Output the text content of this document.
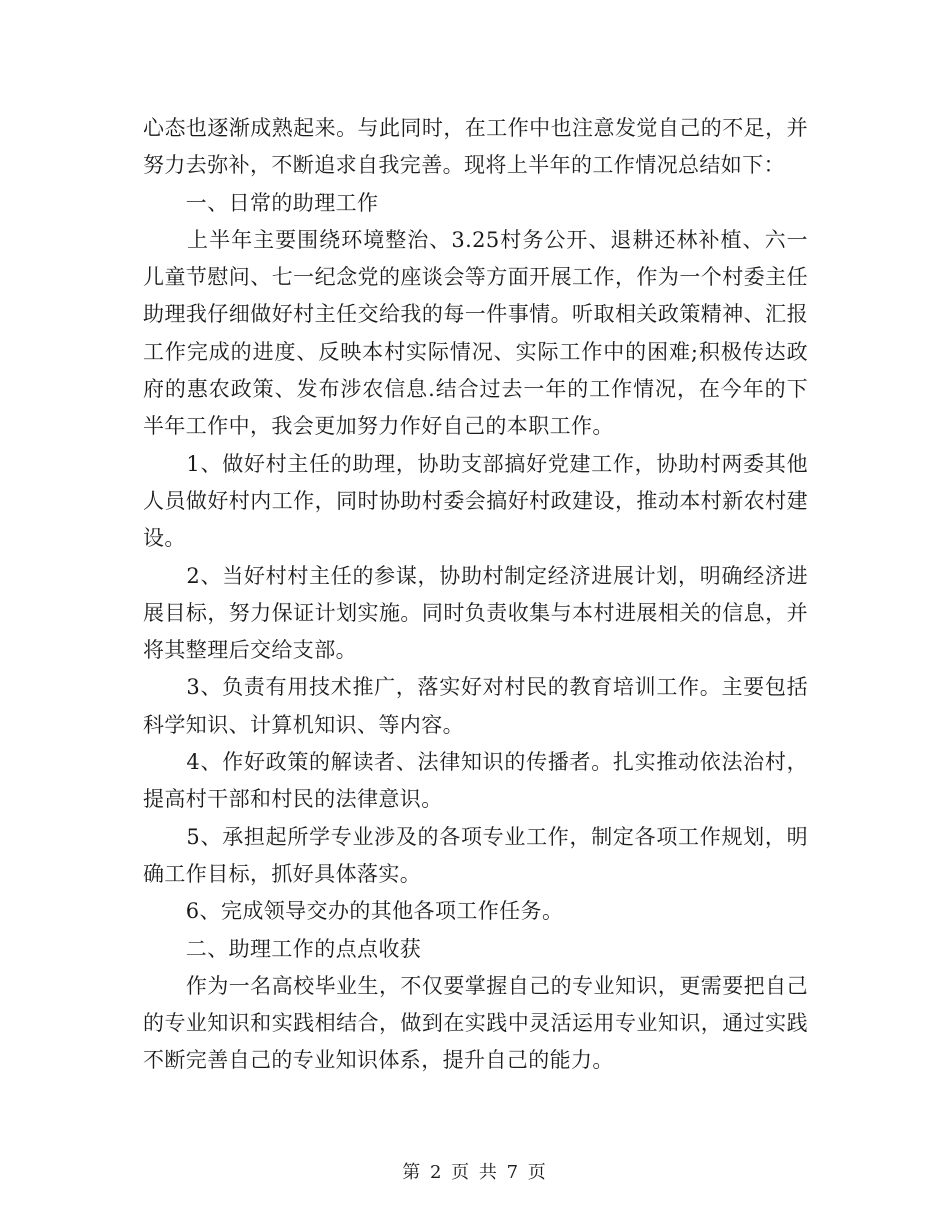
心态也逐渐成熟起来。与此同时，在工作中也注意发觉自己的不足，并努力去弥补，不断追求自我完善。现将上半年的工作情况总结如下：

　　一、日常的助理工作

　　上半年主要围绕环境整治、3.25村务公开、退耕还林补植、六一儿童节慰问、七一纪念党的座谈会等方面开展工作，作为一个村委主任助理我仔细做好村主任交给我的每一件事情。听取相关政策精神、汇报工作完成的进度、反映本村实际情况、实际工作中的困难;积极传达政府的惠农政策、发布涉农信息.结合过去一年的工作情况，在今年的下半年工作中，我会更加努力作好自己的本职工作。

　　1、做好村主任的助理，协助支部搞好党建工作，协助村两委其他人员做好村内工作，同时协助村委会搞好村政建设，推动本村新农村建设。

　　2、当好村村主任的参谋，协助村制定经济进展计划，明确经济进展目标，努力保证计划实施。同时负责收集与本村进展相关的信息，并将其整理后交给支部。

　　3、负责有用技术推广，落实好对村民的教育培训工作。主要包括科学知识、计算机知识、等内容。

　　4、作好政策的解读者、法律知识的传播者。扎实推动依法治村，提高村干部和村民的法律意识。

　　5、承担起所学专业涉及的各项专业工作，制定各项工作规划，明确工作目标，抓好具体落实。

　　6、完成领导交办的其他各项工作任务。

　　二、助理工作的点点收获

　　作为一名高校毕业生，不仅要掌握自己的专业知识，更需要把自己的专业知识和实践相结合，做到在实践中灵活运用专业知识，通过实践不断完善自己的专业知识体系，提升自己的能力。

第 2 页 共 7 页
